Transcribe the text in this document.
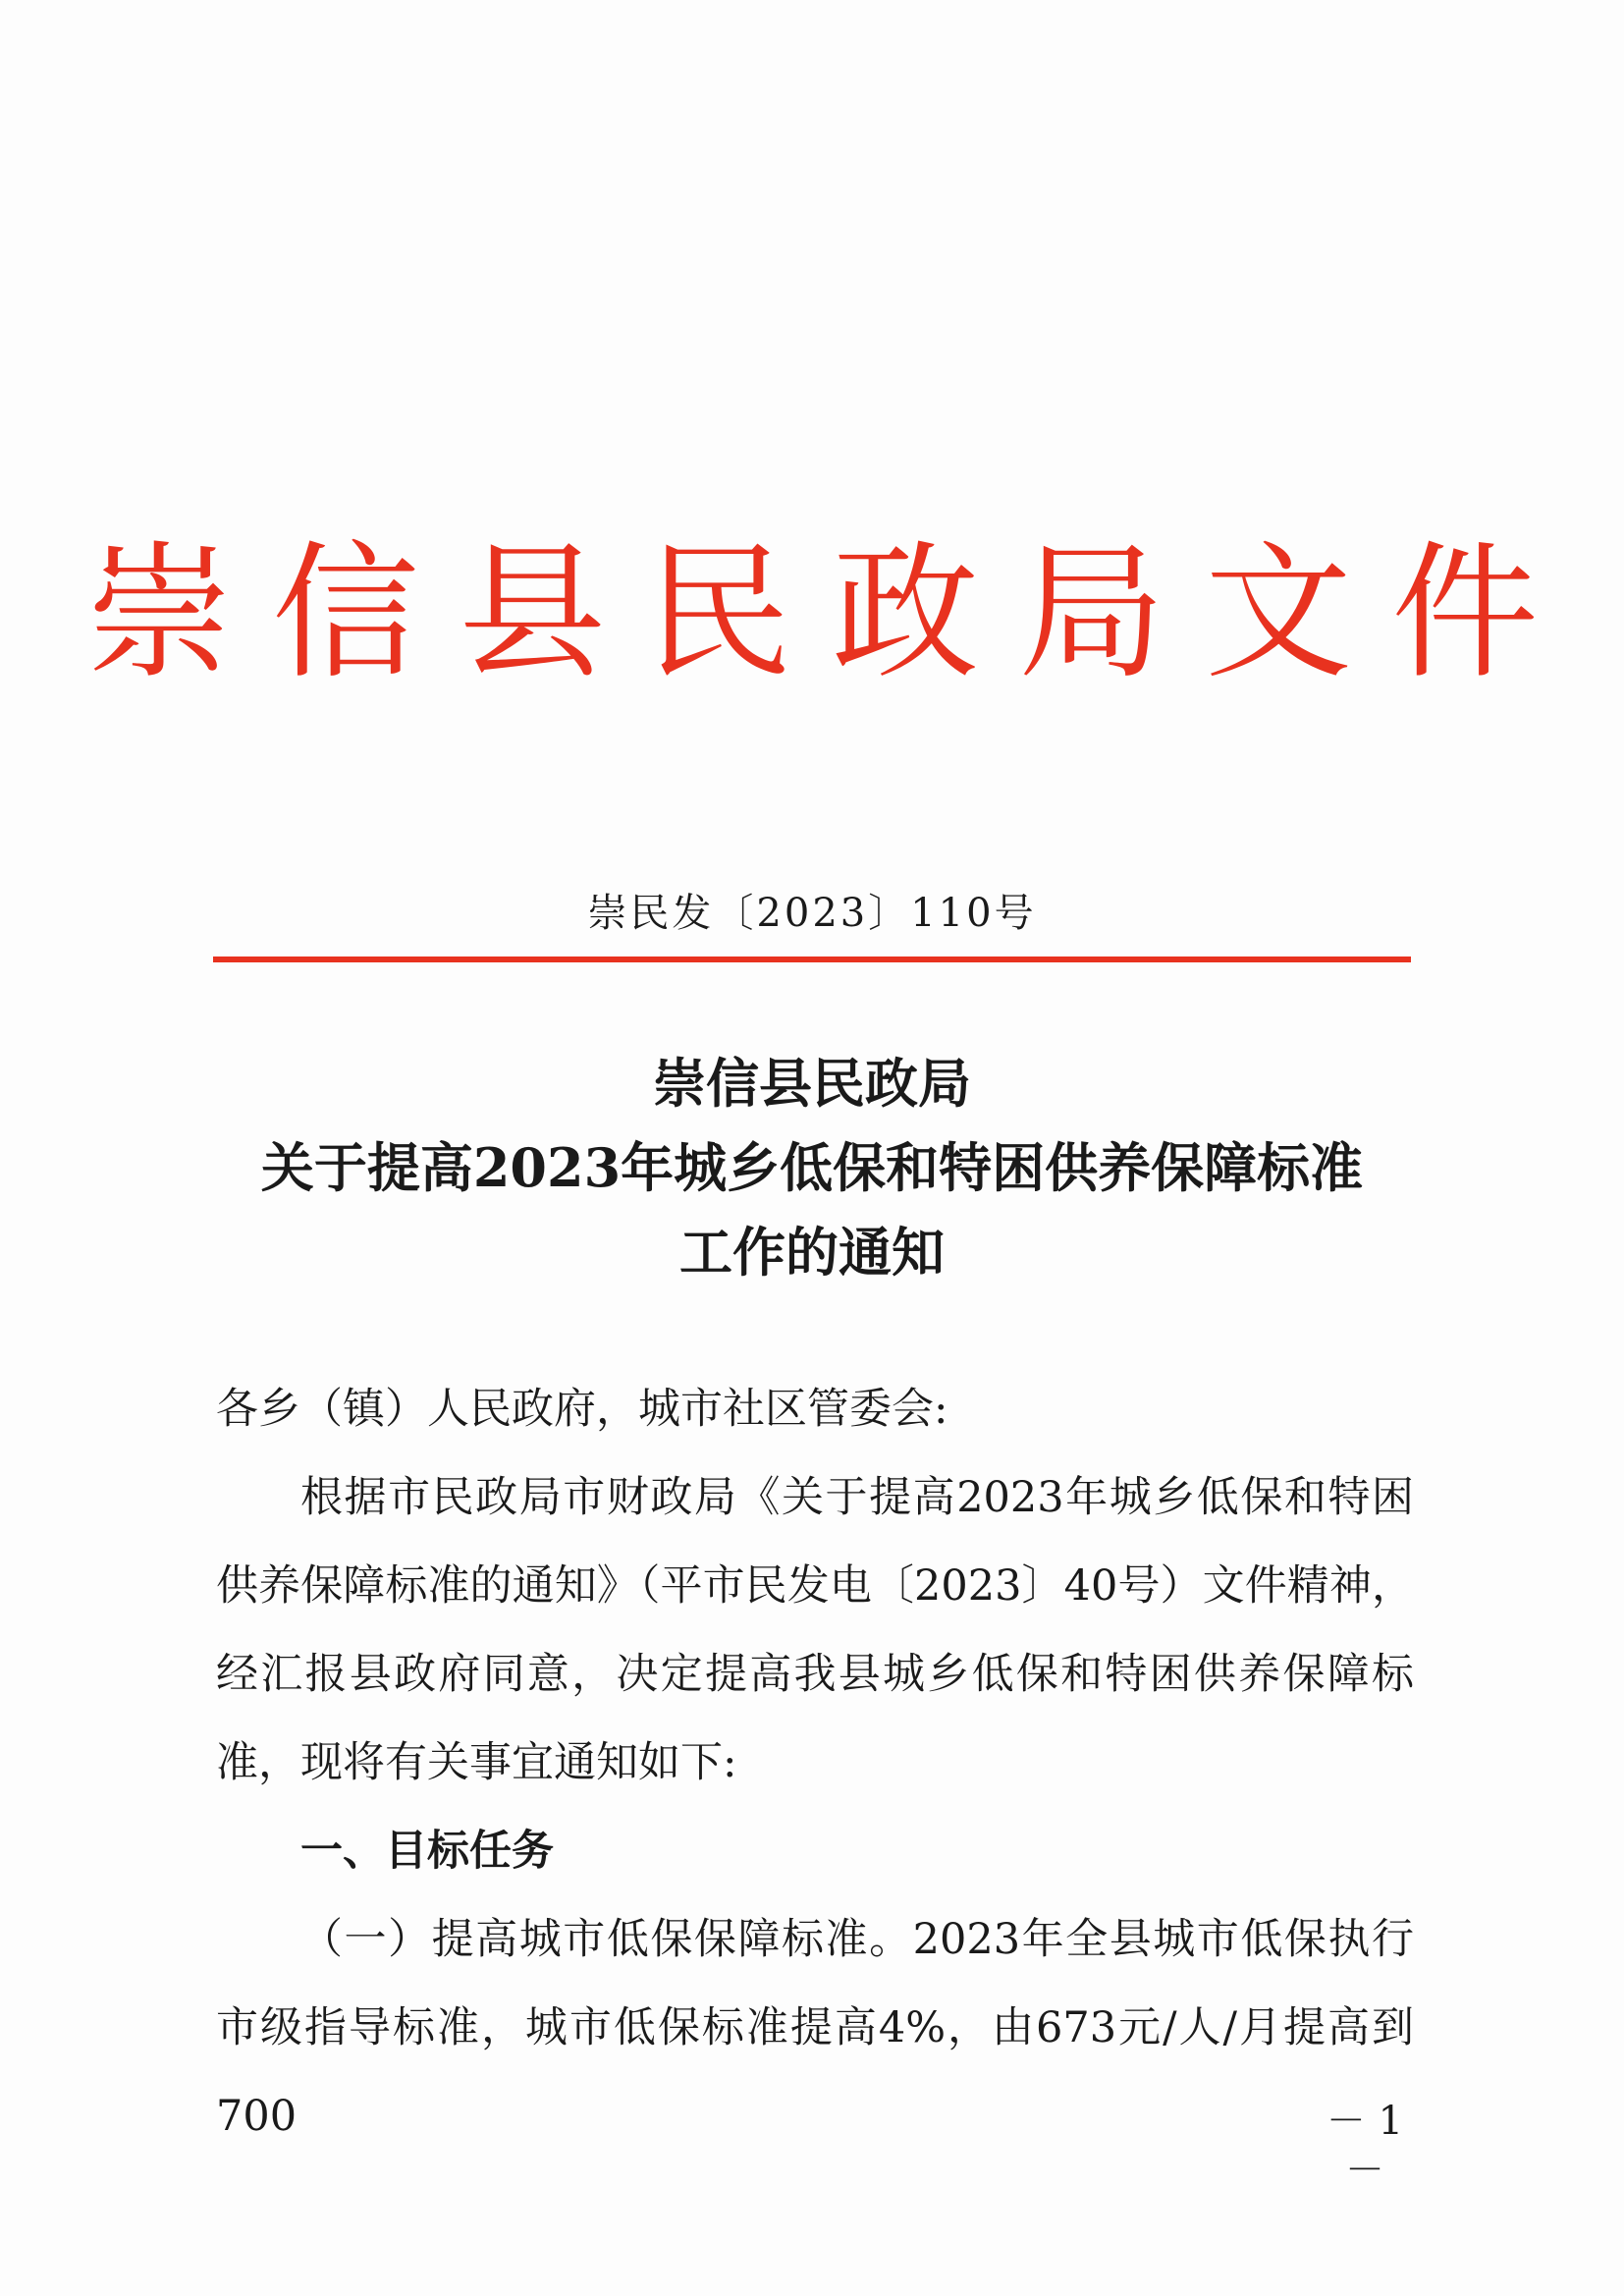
崇信县民政局文件
崇民发〔2023〕110号
崇信县民政局
关于提高2023年城乡低保和特困供养保障标准
工作的通知

各乡（镇）人民政府，城市社区管委会:

根据市民政局市财政局《关于提高2023年城乡低保和特困供养保障标准的通知》（平市民发电〔2023〕40号）文件精神，经汇报县政府同意，决定提高我县城乡低保和特困供养保障标准，现将有关事宜通知如下:

一、目标任务

（一）提高城市低保保障标准。2023年全县城市低保执行市级指导标准，城市低保标准提高4%，由673元/人/月提高到700	－ 1 －
